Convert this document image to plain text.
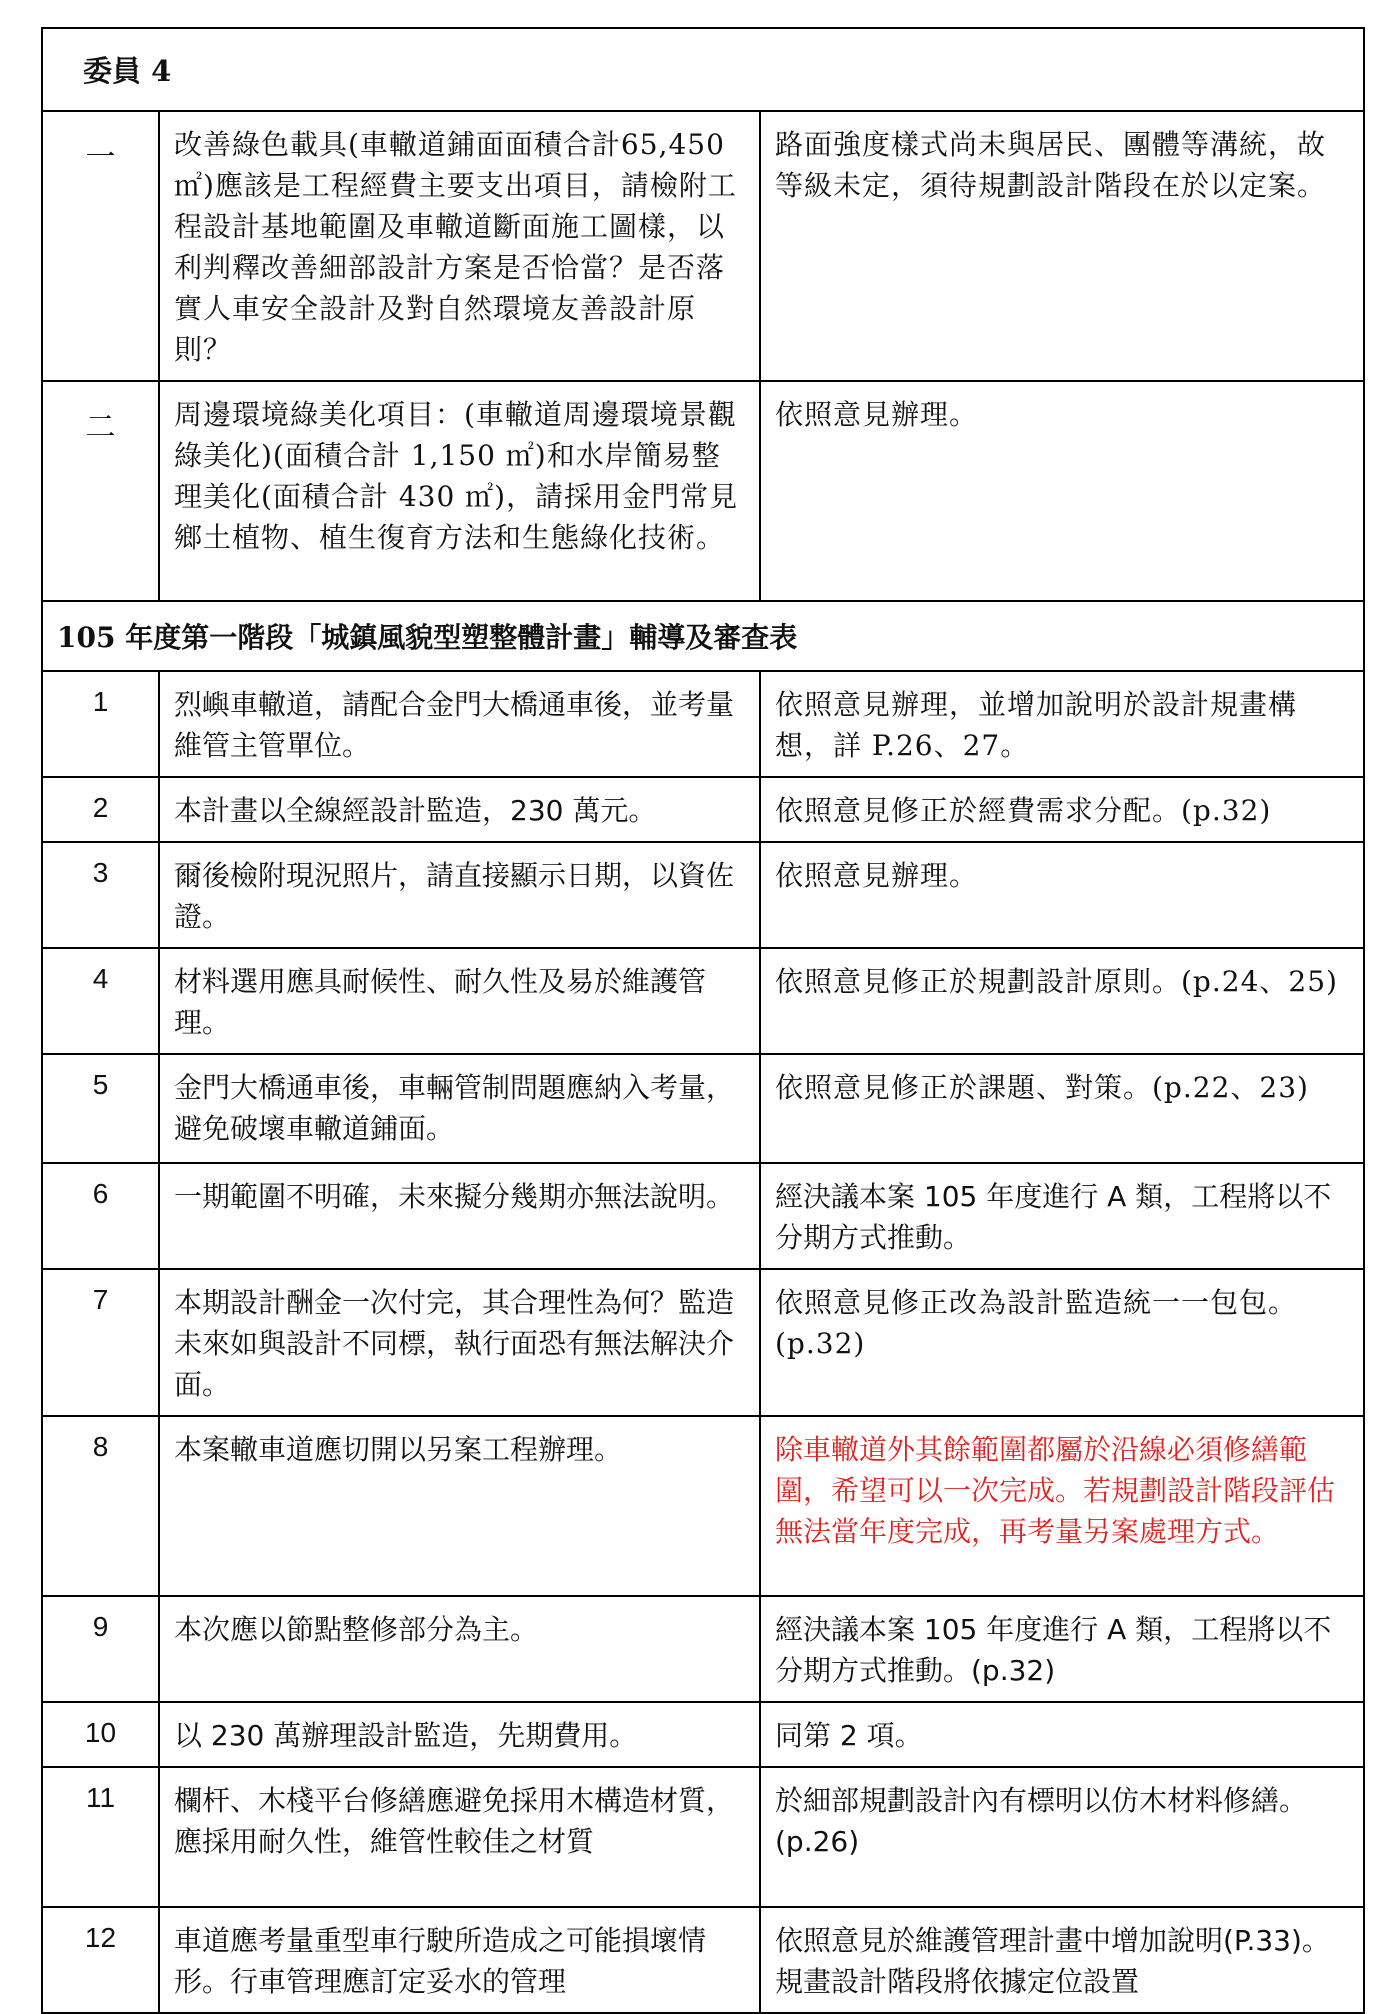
委員 4		
一	改善綠色載具(車轍道鋪面面積合計65,450㎡)應該是工程經費主要支出項目，請檢附工程設計基地範圍及車轍道斷面施工圖樣，以利判釋改善細部設計方案是否恰當？是否落實人車安全設計及對自然環境友善設計原則？	路面強度樣式尚未與居民、團體等溝統，故等級未定，須待規劃設計階段在於以定案。
二	周邊環境綠美化項目：(車轍道周邊環境景觀綠美化)(面積合計 1,150 ㎡)和水岸簡易整理美化(面積合計 430 ㎡)，請採用金門常見鄉土植物、植生復育方法和生態綠化技術。	依照意見辦理。
105 年度第一階段「城鎮風貌型塑整體計畫」輔導及審查表		
1	烈嶼車轍道，請配合金門大橋通車後，並考量維管主管單位。	依照意見辦理，並增加說明於設計規畫構想，詳 P.26、27。
2	本計畫以全線經設計監造，230 萬元。	依照意見修正於經費需求分配。(p.32)
3	爾後檢附現況照片，請直接顯示日期，以資佐證。	依照意見辦理。
4	材料選用應具耐候性、耐久性及易於維護管理。	依照意見修正於規劃設計原則。(p.24、25)
5	金門大橋通車後，車輛管制問題應納入考量，避免破壞車轍道鋪面。	依照意見修正於課題、對策。(p.22、23)
6	一期範圍不明確，未來擬分幾期亦無法說明。	經決議本案 105 年度進行 A 類，工程將以不分期方式推動。
7	本期設計酬金一次付完，其合理性為何？監造未來如與設計不同標，執行面恐有無法解決介面。	依照意見修正改為設計監造統一一包包。(p.32)
8	本案轍車道應切開以另案工程辦理。	除車轍道外其餘範圍都屬於沿線必須修繕範圍，希望可以一次完成。若規劃設計階段評估無法當年度完成，再考量另案處理方式。
9	本次應以節點整修部分為主。	經決議本案 105 年度進行 A 類，工程將以不分期方式推動。(p.32)
10	以 230 萬辦理設計監造，先期費用。	同第 2 項。
11	欄杆、木棧平台修繕應避免採用木構造材質，應採用耐久性，維管性較佳之材質	於細部規劃設計內有標明以仿木材料修繕。(p.26)
12	車道應考量重型車行駛所造成之可能損壞情形。行車管理應訂定妥水的管理	依照意見於維護管理計畫中增加說明(P.33)。規畫設計階段將依據定位設置
